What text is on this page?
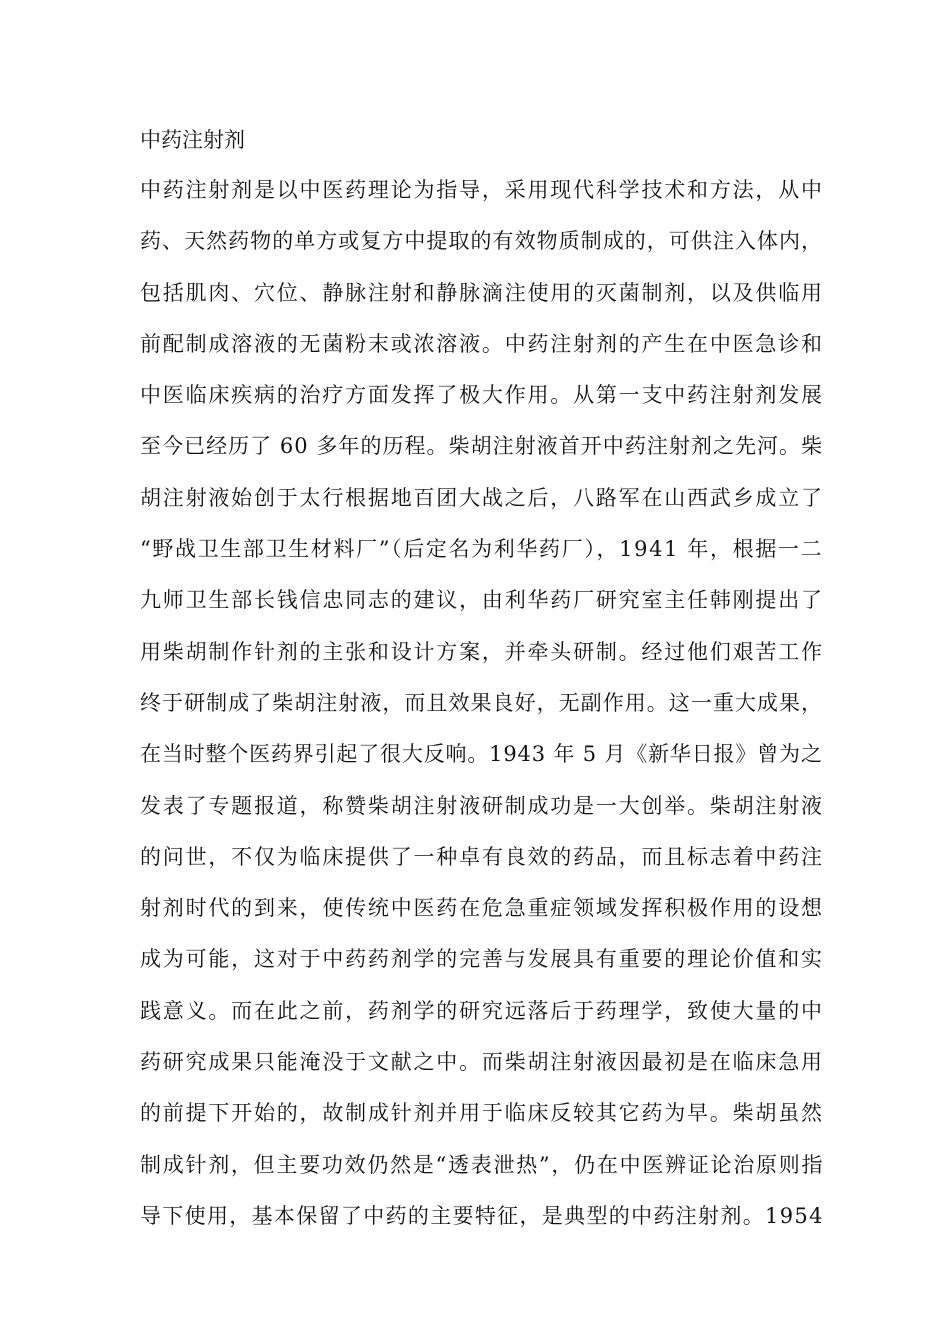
中药注射剂
中药注射剂是以中医药理论为指导，采用现代科学技术和方法，从中
药、天然药物的单方或复方中提取的有效物质制成的，可供注入体内，
包括肌肉、穴位、静脉注射和静脉滴注使用的灭菌制剂，以及供临用
前配制成溶液的无菌粉末或浓溶液。中药注射剂的产生在中医急诊和
中医临床疾病的治疗方面发挥了极大作用。从第一支中药注射剂发展
至今已经历了 60 多年的历程。柴胡注射液首开中药注射剂之先河。柴
胡注射液始创于太行根据地百团大战之后，八路军在山西武乡成立了
“野战卫生部卫生材料厂”（后定名为利华药厂），1941 年，根据一二
九师卫生部长钱信忠同志的建议，由利华药厂研究室主任韩刚提出了
用柴胡制作针剂的主张和设计方案，并牵头研制。经过他们艰苦工作
终于研制成了柴胡注射液，而且效果良好，无副作用。这一重大成果，
在当时整个医药界引起了很大反响。1943 年 5 月《新华日报》曾为之
发表了专题报道，称赞柴胡注射液研制成功是一大创举。柴胡注射液
的问世，不仅为临床提供了一种卓有良效的药品，而且标志着中药注
射剂时代的到来，使传统中医药在危急重症领域发挥积极作用的设想
成为可能，这对于中药药剂学的完善与发展具有重要的理论价值和实
践意义。而在此之前，药剂学的研究远落后于药理学，致使大量的中
药研究成果只能淹没于文献之中。而柴胡注射液因最初是在临床急用
的前提下开始的，故制成针剂并用于临床反较其它药为早。柴胡虽然
制成针剂，但主要功效仍然是“透表泄热”，仍在中医辨证论治原则指
导下使用，基本保留了中药的主要特征，是典型的中药注射剂。1954
